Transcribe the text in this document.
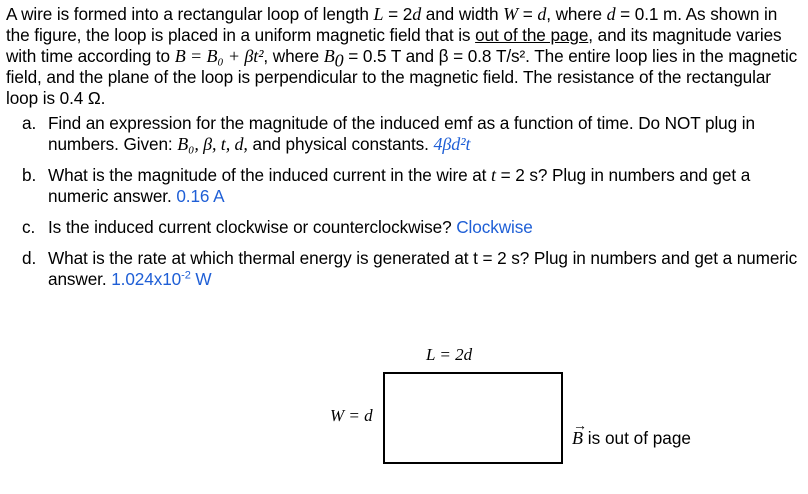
A wire is formed into a rectangular loop of length L = 2d and width W = d, where d = 0.1 m. As shown in the figure, the loop is placed in a uniform magnetic field that is out of the page, and its magnitude varies with time according to B = B₀ + βt², where $B_0 = 0.5$ T and β = 0.8 T/s². The entire loop lies in the magnetic field, and the plane of the loop is perpendicular to the magnetic field. The resistance of the rectangular loop is 0.4 Ω.

a. Find an expression for the magnitude of the induced emf as a function of time. Do NOT plug in numbers. Given: B₀, β, t, d, and physical constants. 4βd²t
b. What is the magnitude of the induced current in the wire at t = 2 s? Plug in numbers and get a numeric answer. 0.16 A
c. Is the induced current clockwise or counterclockwise? Clockwise
d. What is the rate at which thermal energy is generated at t = 2 s? Plug in numbers and get a numeric answer. $1.024x10^{-2}$ W
L = 2d
W = d
→
B is out of page
